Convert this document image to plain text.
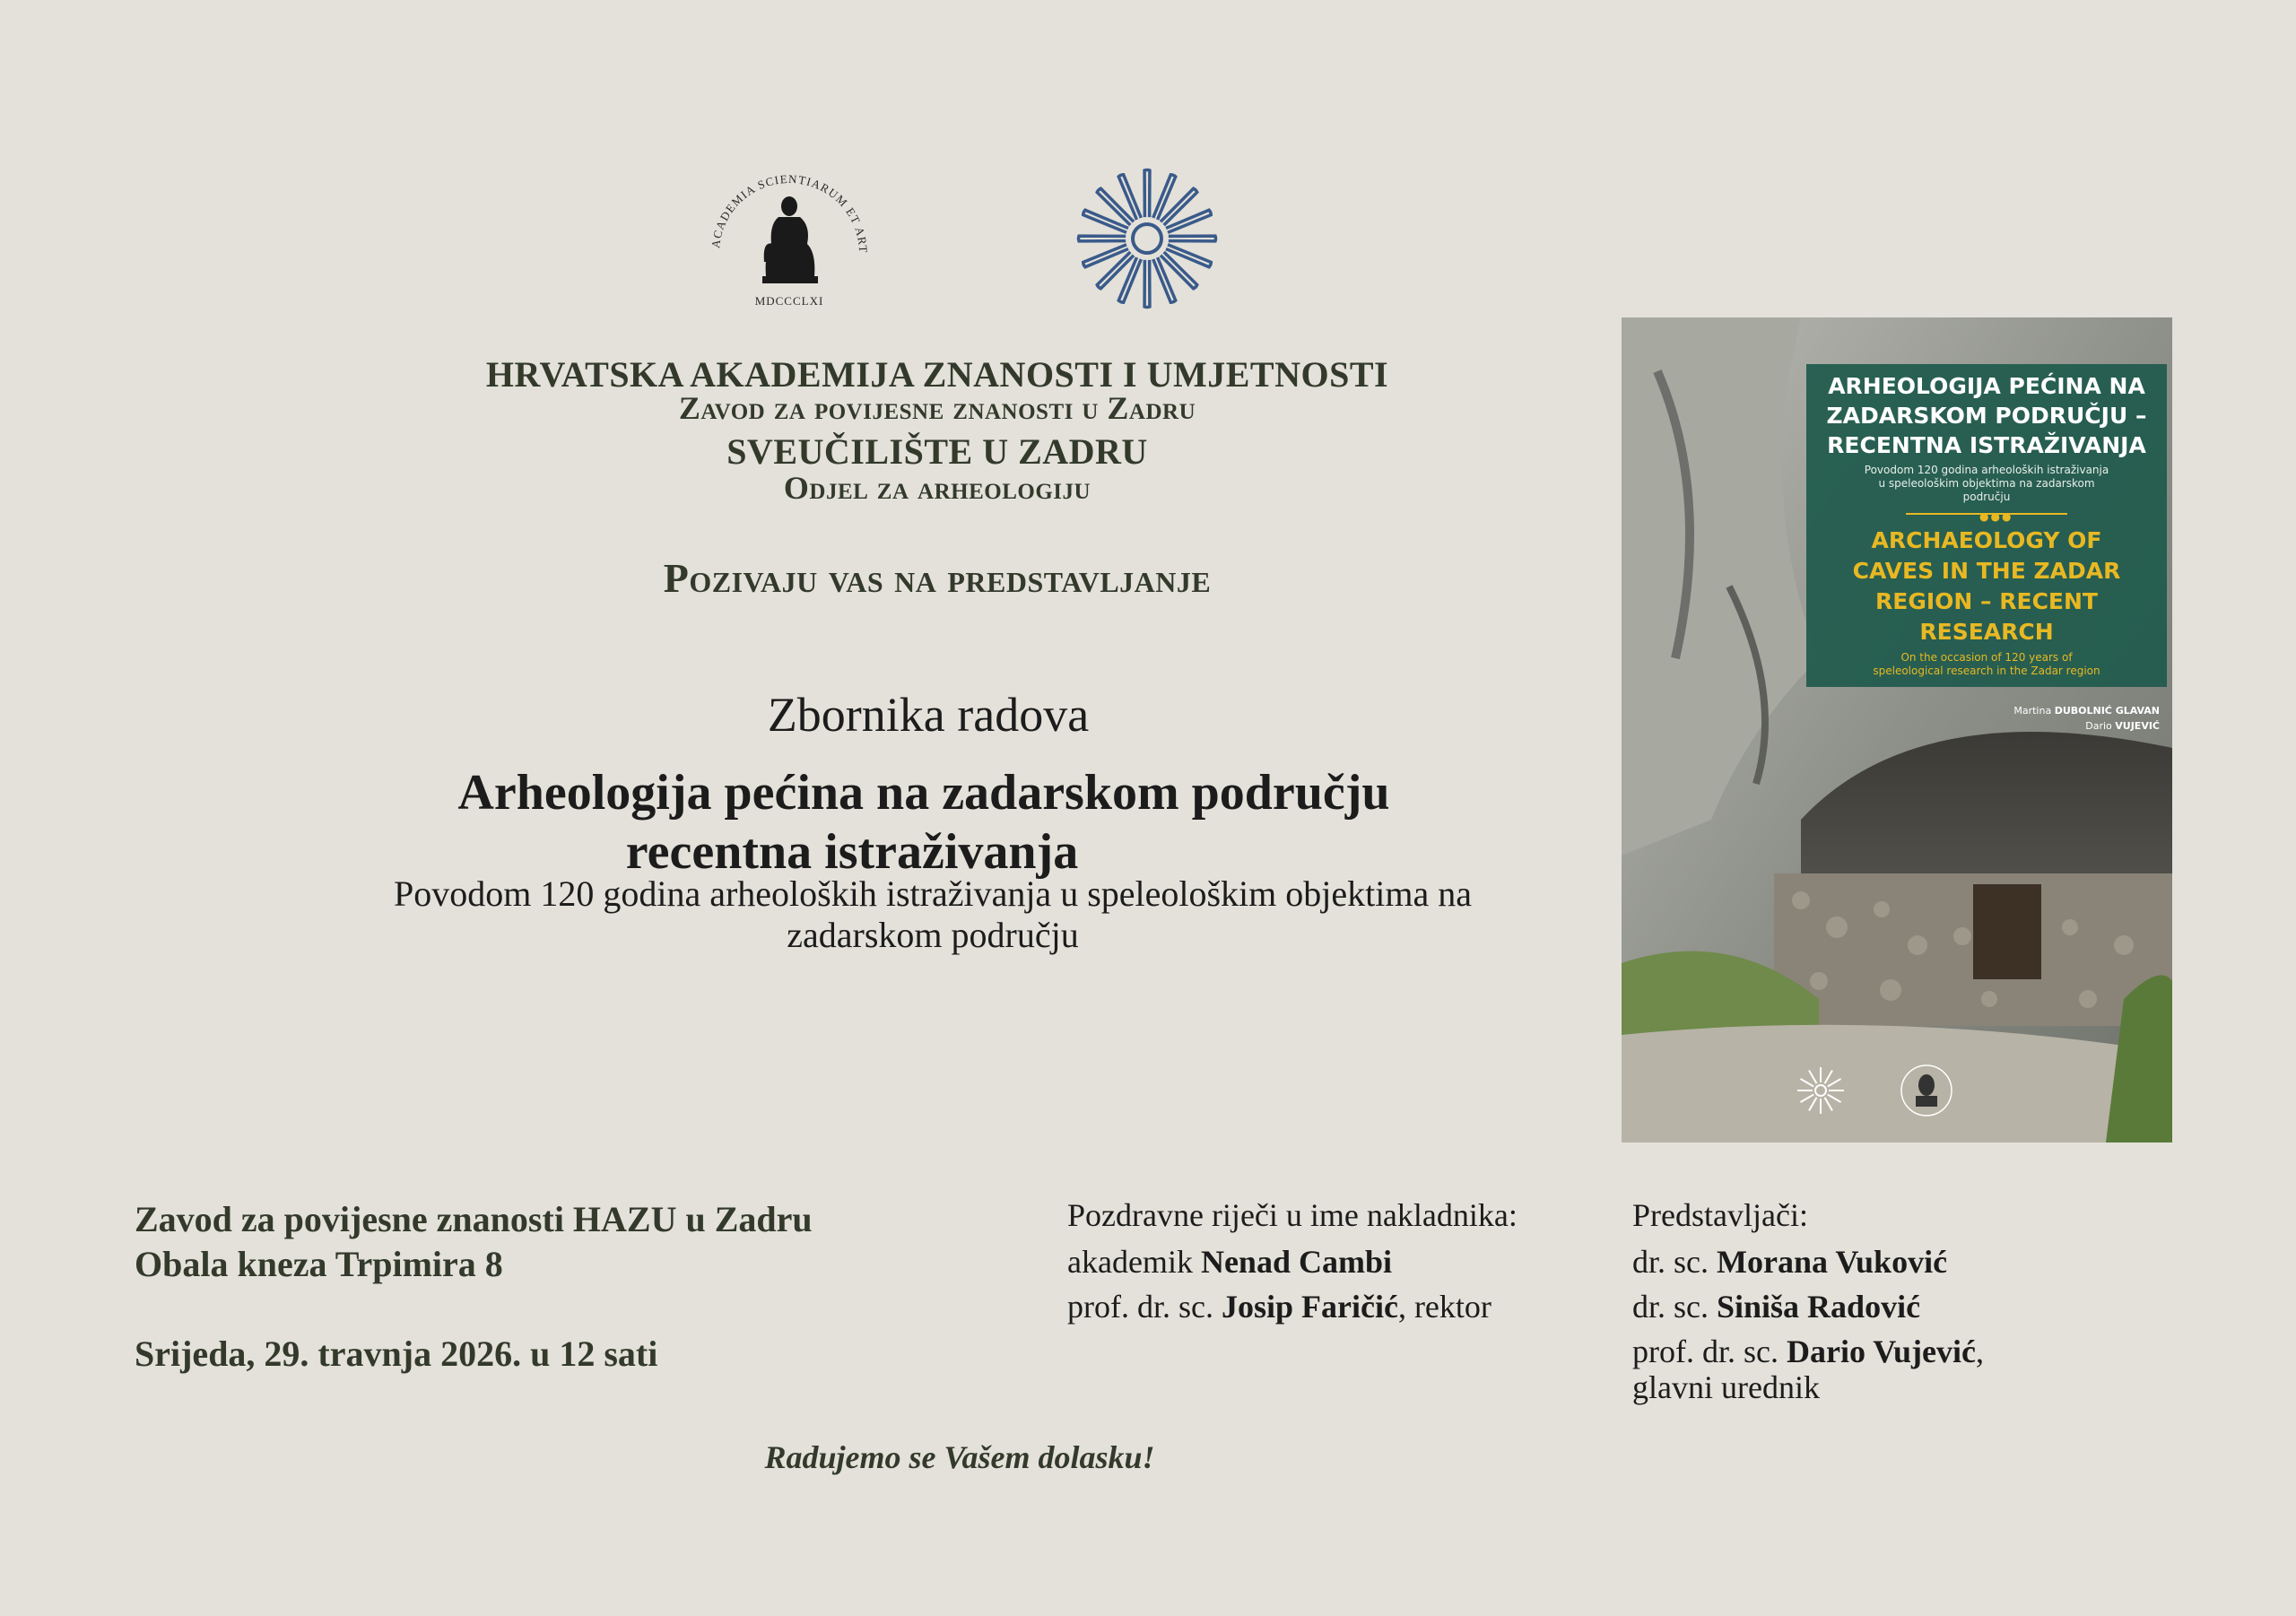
ACADEMIA SCIENTIARUM ET ART
MDCCCLXI
HRVATSKA AKADEMIJA ZNANOSTI I UMJETNOSTI
Zavod za povijesne znanosti u Zadru
SVEUČILIŠTE U ZADRU
Odjel za arheologiju
Pozivaju vas na predstavljanje
Zbornika radova
Arheologija pećina na zadarskom području
recentna istraživanja
Povodom 120 godina arheoloških istraživanja u speleološkim objektima na
zadarskom području
ARHEOLOGIJA PEĆINA NA ZADARSKOM PODRUČJU – RECENTNA ISTRAŽIVANJA
Povodom 120 godina arheoloških istraživanja u speleološkim objektima na zadarskom području
●●●
ARCHAEOLOGY OF CAVES IN THE ZADAR REGION – RECENT RESEARCH
On the occasion of 120 years of speleological research in the Zadar region
Martina DUBOLNIĆ GLAVAN
Dario VUJEVIĆ
Zavod za povijesne znanosti HAZU u Zadru
Obala kneza Trpimira 8
Srijeda, 29. travnja 2026. u 12 sati
Radujemo se Vašem dolasku!
Pozdravne riječi u ime nakladnika:
akademik Nenad Cambi
prof. dr. sc. Josip Faričić, rektor
Predstavljači:
dr. sc. Morana Vuković
dr. sc. Siniša Radović
prof. dr. sc. Dario Vujević,
glavni urednik
